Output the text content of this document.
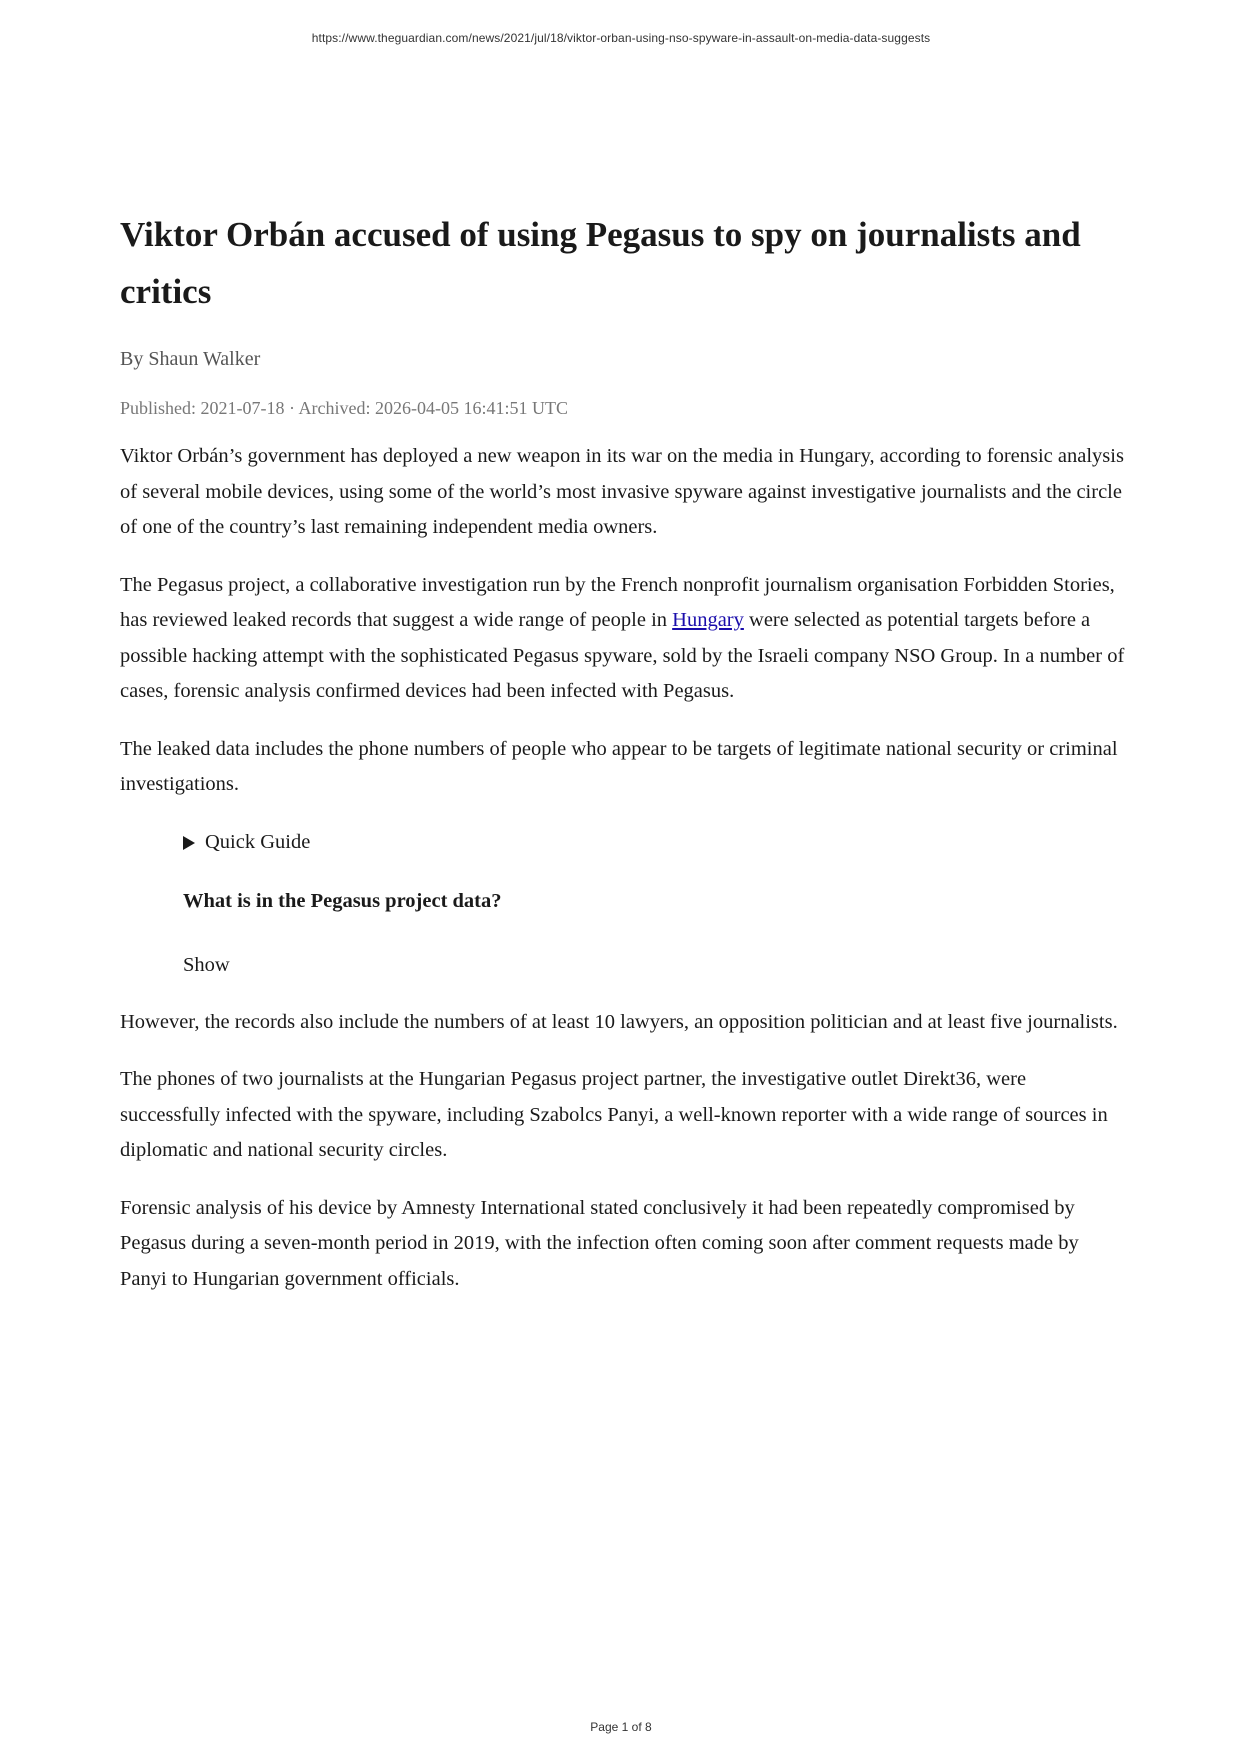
https://www.theguardian.com/news/2021/jul/18/viktor-orban-using-nso-spyware-in-assault-on-media-data-suggests
Viktor Orbán accused of using Pegasus to spy on journalists and critics
By Shaun Walker
Published: 2021-07-18 · Archived: 2026-04-05 16:41:51 UTC

Viktor Orbán’s government has deployed a new weapon in its war on the media in Hungary, according to forensic analysis of several mobile devices, using some of the world’s most invasive spyware against investigative journalists and the circle of one of the country’s last remaining independent media owners.

The Pegasus project, a collaborative investigation run by the French nonprofit journalism organisation Forbidden Stories, has reviewed leaked records that suggest a wide range of people in Hungary were selected as potential targets before a possible hacking attempt with the sophisticated Pegasus spyware, sold by the Israeli company NSO Group. In a number of cases, forensic analysis confirmed devices had been infected with Pegasus.

The leaked data includes the phone numbers of people who appear to be targets of legitimate national security or criminal investigations.

Quick Guide
What is in the Pegasus project data?
Show

However, the records also include the numbers of at least 10 lawyers, an opposition politician and at least five journalists.

The phones of two journalists at the Hungarian Pegasus project partner, the investigative outlet Direkt36, were successfully infected with the spyware, including Szabolcs Panyi, a well-known reporter with a wide range of sources in diplomatic and national security circles.

Forensic analysis of his device by Amnesty International stated conclusively it had been repeatedly compromised by Pegasus during a seven-month period in 2019, with the infection often coming soon after comment requests made by Panyi to Hungarian government officials.

Page 1 of 8
